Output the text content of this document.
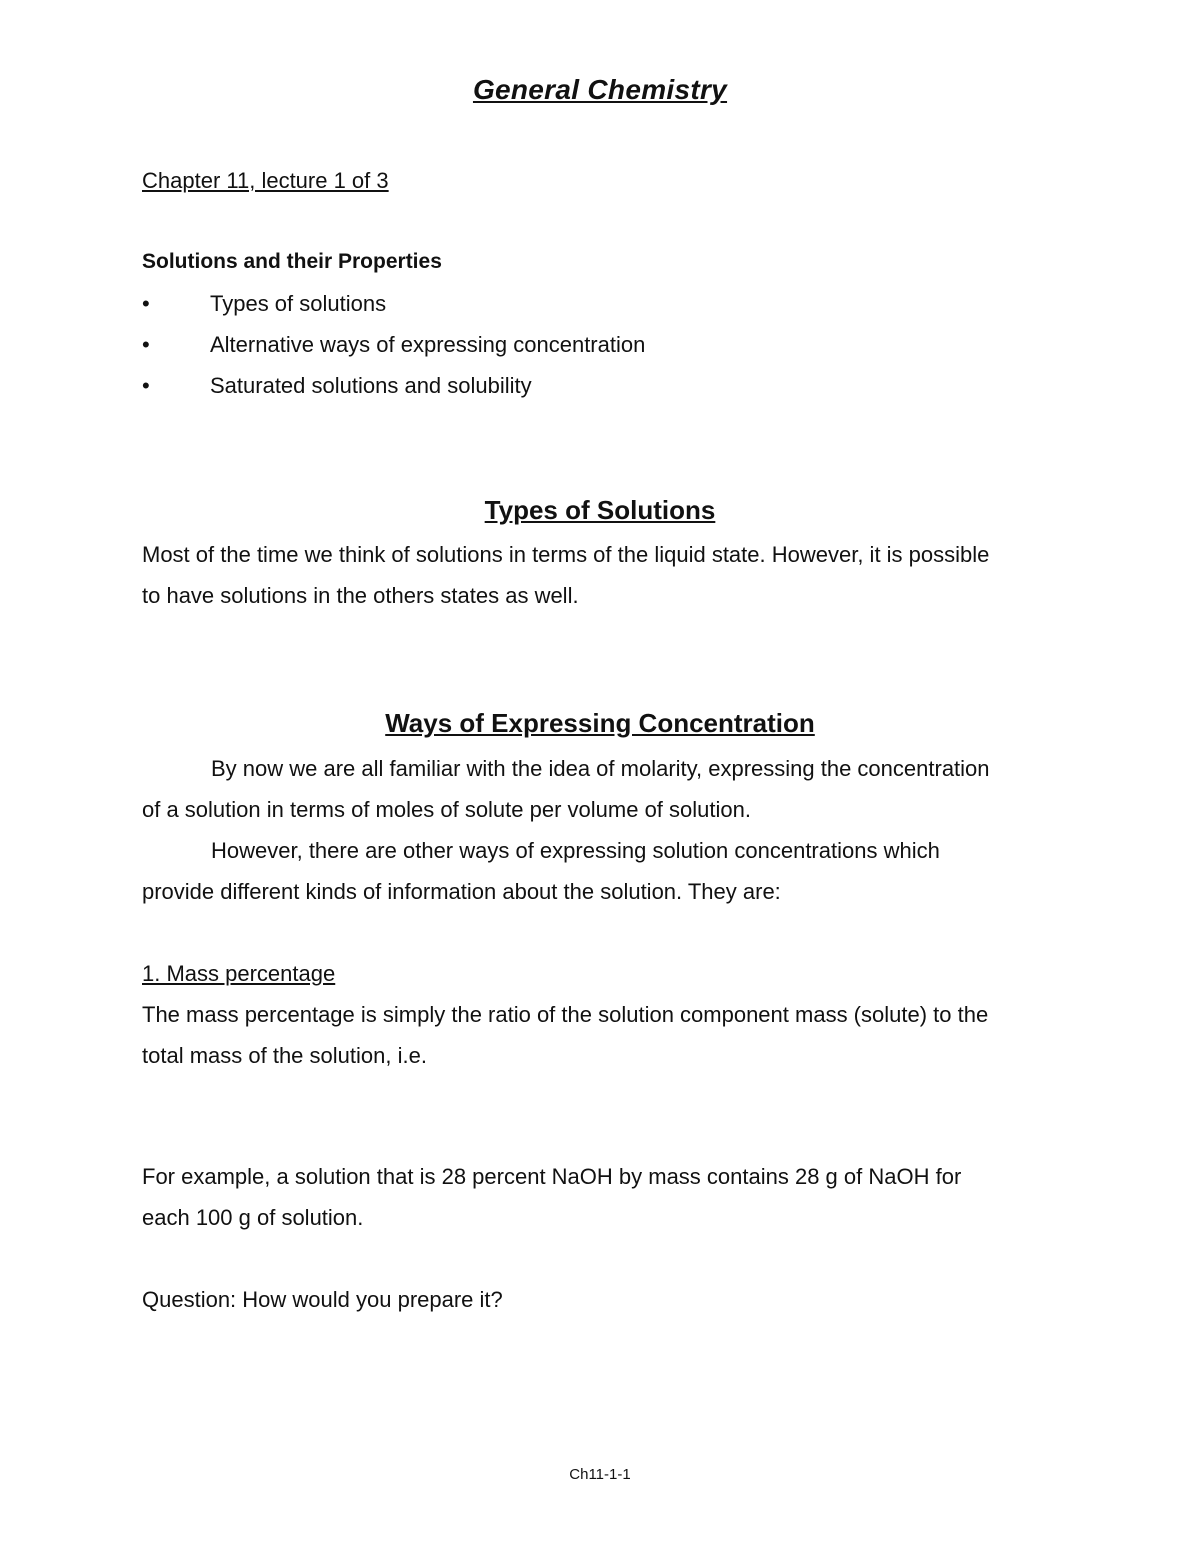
General Chemistry
Chapter 11, lecture 1 of 3
Solutions and their Properties
•	Types of solutions
•	Alternative ways of expressing concentration
•	Saturated solutions and solubility
Types of Solutions
Most of the time we think of solutions in terms of the liquid state. However, it is possible
to have solutions in the others states as well.
Ways of Expressing Concentration
By now we are all familiar with the idea of molarity, expressing the concentration
of a solution in terms of moles of solute per volume of solution.
However, there are other ways of expressing solution concentrations which
provide different kinds of information about the solution. They are:
1. Mass percentage
The mass percentage is simply the ratio of the solution component mass (solute) to the
total mass of the solution, i.e.
For example, a solution that is 28 percent NaOH by mass contains 28 g of NaOH for
each 100 g of solution.
Question: How would you prepare it?
Ch11-1-1
